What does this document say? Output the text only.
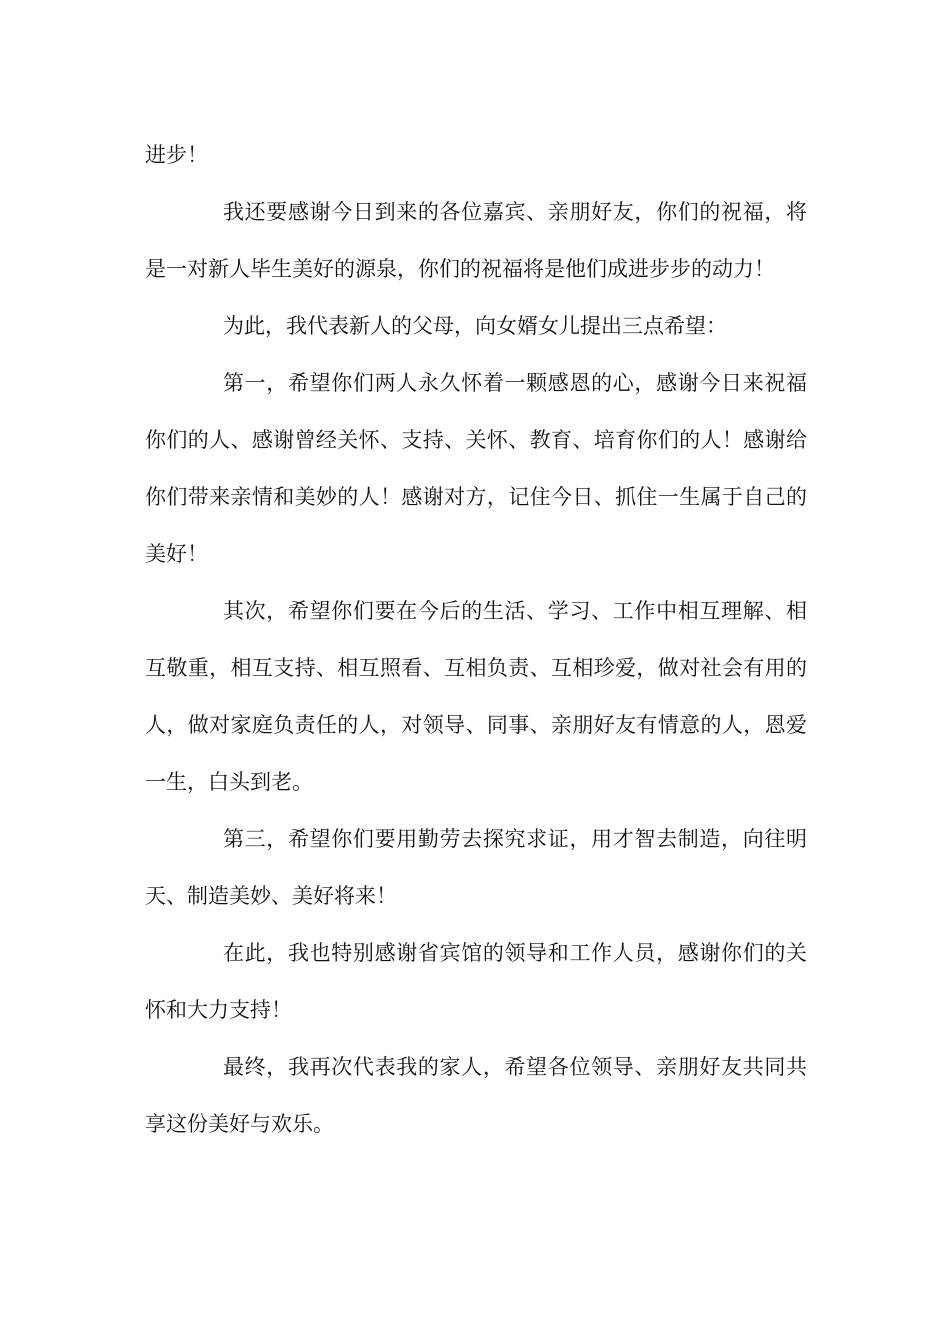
进步！

我还要感谢今日到来的各位嘉宾、亲朋好友，你们的祝福，将是一对新人毕生美好的源泉，你们的祝福将是他们成进步步的动力！

为此，我代表新人的父母，向女婿女儿提出三点希望：

第一，希望你们两人永久怀着一颗感恩的心，感谢今日来祝福你们的人、感谢曾经关怀、支持、关怀、教育、培育你们的人！感谢给你们带来亲情和美妙的人！感谢对方，记住今日、抓住一生属于自己的美好！

其次，希望你们要在今后的生活、学习、工作中相互理解、相互敬重，相互支持、相互照看、互相负责、互相珍爱，做对社会有用的人，做对家庭负责任的人，对领导、同事、亲朋好友有情意的人，恩爱一生，白头到老。

第三，希望你们要用勤劳去探究求证，用才智去制造，向往明天、制造美妙、美好将来！

在此，我也特别感谢省宾馆的领导和工作人员，感谢你们的关怀和大力支持！

最终，我再次代表我的家人，希望各位领导、亲朋好友共同共享这份美好与欢乐。
